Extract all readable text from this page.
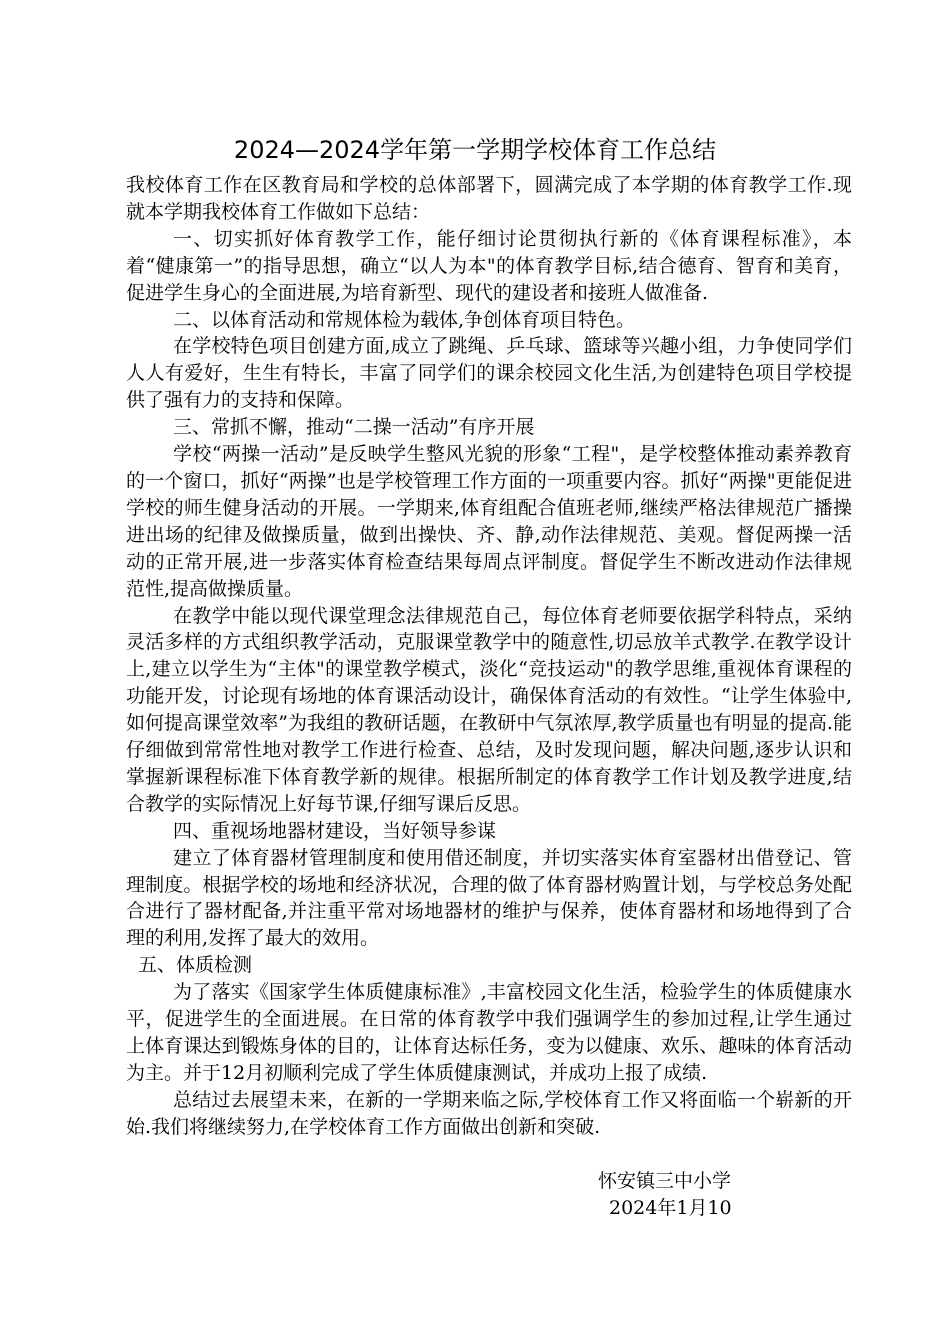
2024—2024学年第一学期学校体育工作总结

我校体育工作在区教育局和学校的总体部署下，圆满完成了本学期的体育教学工作.现就本学期我校体育工作做如下总结：

一、切实抓好体育教学工作，能仔细讨论贯彻执行新的《体育课程标准》，本着“健康第一”的指导思想，确立“以人为本"的体育教学目标,结合德育、智育和美育，促进学生身心的全面进展,为培育新型、现代的建设者和接班人做准备.

二、以体育活动和常规体检为载体,争创体育项目特色。

在学校特色项目创建方面,成立了跳绳、乒乓球、篮球等兴趣小组，力争使同学们人人有爱好，生生有特长，丰富了同学们的课余校园文化生活,为创建特色项目学校提供了强有力的支持和保障。

三、常抓不懈，推动“二操一活动”有序开展

学校“两操一活动”是反映学生整风光貌的形象“工程"，是学校整体推动素养教育的一个窗口，抓好“两操”也是学校管理工作方面的一项重要内容。抓好“两操"更能促进学校的师生健身活动的开展。一学期来,体育组配合值班老师,继续严格法律规范广播操进出场的纪律及做操质量，做到出操快、齐、静,动作法律规范、美观。督促两操一活动的正常开展,进一步落实体育检查结果每周点评制度。督促学生不断改进动作法律规范性,提高做操质量。

在教学中能以现代课堂理念法律规范自己，每位体育老师要依据学科特点，采纳灵活多样的方式组织教学活动，克服课堂教学中的随意性,切忌放羊式教学.在教学设计上,建立以学生为“主体"的课堂教学模式，淡化“竞技运动"的教学思维,重视体育课程的功能开发，讨论现有场地的体育课活动设计，确保体育活动的有效性。“让学生体验中,如何提高课堂效率”为我组的教研话题，在教研中气氛浓厚,教学质量也有明显的提高.能仔细做到常常性地对教学工作进行检查、总结，及时发现问题，解决问题,逐步认识和掌握新课程标准下体育教学新的规律。根据所制定的体育教学工作计划及教学进度,结合教学的实际情况上好每节课,仔细写课后反思。

四、重视场地器材建设，当好领导参谋

建立了体育器材管理制度和使用借还制度，并切实落实体育室器材出借登记、管理制度。根据学校的场地和经济状况，合理的做了体育器材购置计划，与学校总务处配合进行了器材配备,并注重平常对场地器材的维护与保养，使体育器材和场地得到了合理的利用,发挥了最大的效用。

五、体质检测

为了落实《国家学生体质健康标准》,丰富校园文化生活，检验学生的体质健康水平，促进学生的全面进展。在日常的体育教学中我们强调学生的参加过程,让学生通过上体育课达到锻炼身体的目的，让体育达标任务，变为以健康、欢乐、趣味的体育活动为主。并于12月初顺利完成了学生体质健康测试，并成功上报了成绩.

总结过去展望未来，在新的一学期来临之际,学校体育工作又将面临一个崭新的开始.我们将继续努力,在学校体育工作方面做出创新和突破.

怀安镇三中小学
2024年1月10
